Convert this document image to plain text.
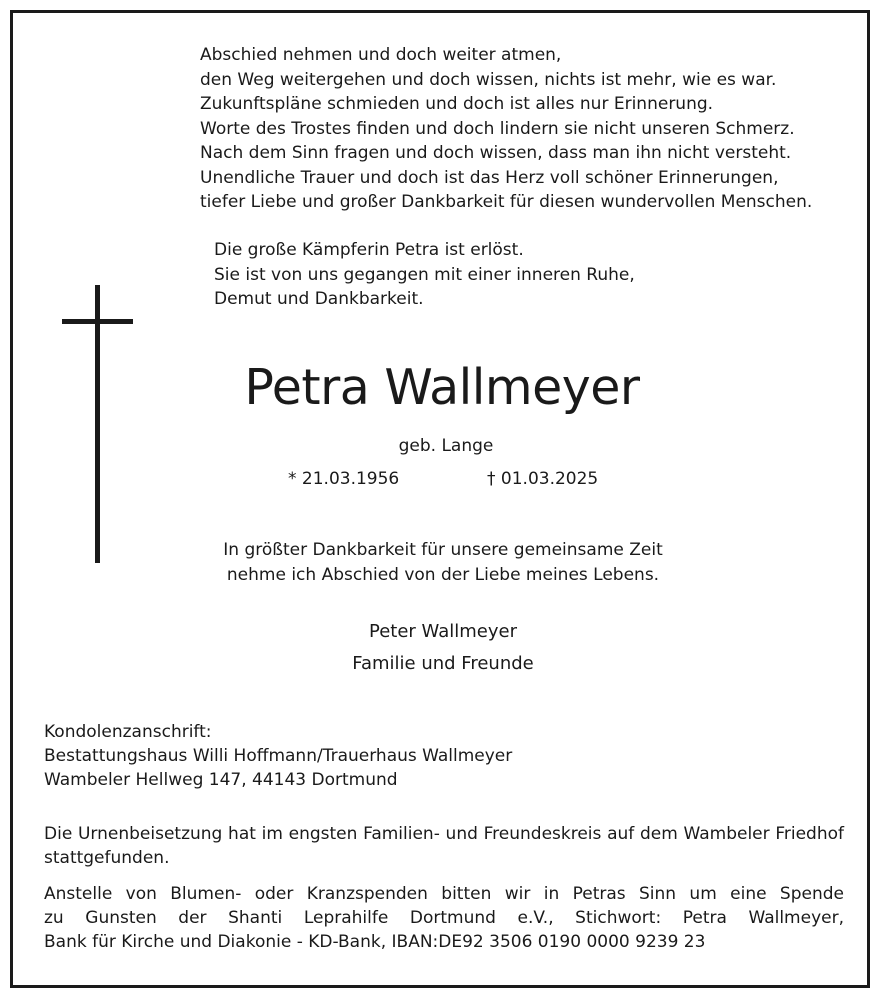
Abschied nehmen und doch weiter atmen,
den Weg weitergehen und doch wissen, nichts ist mehr, wie es war.
Zukunftspläne schmieden und doch ist alles nur Erinnerung.
Worte des Trostes finden und doch lindern sie nicht unseren Schmerz.
Nach dem Sinn fragen und doch wissen, dass man ihn nicht versteht.
Unendliche Trauer und doch ist das Herz voll schöner Erinnerungen,
tiefer Liebe und großer Dankbarkeit für diesen wundervollen Menschen.
Die große Kämpferin Petra ist erlöst.
Sie ist von uns gegangen mit einer inneren Ruhe,
Demut und Dankbarkeit.
Petra Wallmeyer
geb. Lange
* 21.03.1956	† 01.03.2025
In größter Dankbarkeit für unsere gemeinsame Zeit
nehme ich Abschied von der Liebe meines Lebens.
Peter Wallmeyer
Familie und Freunde
Kondolenzanschrift:
Bestattungshaus Willi Hoffmann/Trauerhaus Wallmeyer
Wambeler Hellweg 147, 44143 Dortmund
Die Urnenbeisetzung hat im engsten Familien- und Freundeskreis auf dem Wambeler Friedhof stattgefunden.
Anstelle von Blumen- oder Kranzspenden bitten wir in Petras Sinn um eine Spende
zu Gunsten der Shanti Leprahilfe Dortmund e.V., Stichwort: Petra Wallmeyer,
Bank für Kirche und Diakonie - KD-Bank, IBAN:DE92 3506 0190 0000 9239 23
